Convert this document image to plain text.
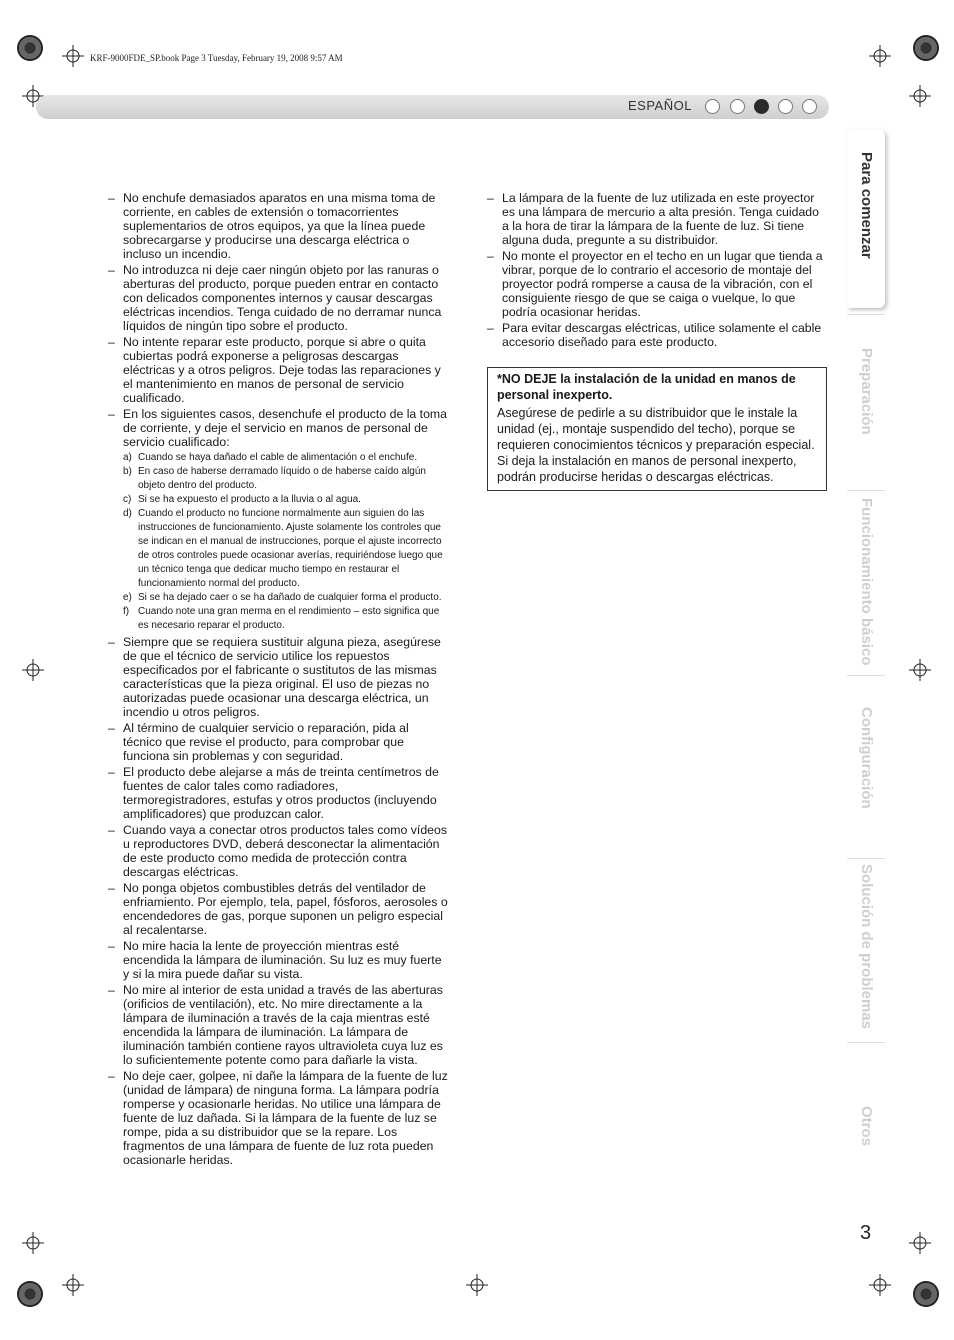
KRF-9000FDE_SP.book Page 3 Tuesday, February 19, 2008 9:57 AM
ESPAÑOL
– No enchufe demasiados aparatos en una misma toma de corriente, en cables de extensión o tomacorrientes suplementarios de otros equipos, ya que la línea puede sobrecargarse y producirse una descarga eléctrica o incluso un incendio.
– No introduzca ni deje caer ningún objeto por las ranuras o aberturas del producto, porque pueden entrar en contacto con delicados componentes internos y causar descargas eléctricas incendios. Tenga cuidado de no derramar nunca líquidos de ningún tipo sobre el producto.
– No intente reparar este producto, porque si abre o quita cubiertas podrá exponerse a peligrosas descargas eléctricas y a otros peligros. Deje todas las reparaciones y el mantenimiento en manos de personal de servicio cualificado.
– En los siguientes casos, desenchufe el producto de la toma de corriente, y deje el servicio en manos de personal de servicio cualificado:
a) Cuando se haya dañado el cable de alimentación o el enchufe.
b) En caso de haberse derramado líquido o de haberse caído algún objeto dentro del producto.
c) Si se ha expuesto el producto a la lluvia o al agua.
d) Cuando el producto no funcione normalmente aun siguien do las instrucciones de funcionamiento. Ajuste solamente los controles que se indican en el manual de instrucciones, porque el ajuste incorrecto de otros controles puede ocasionar averías, requiriéndose luego que un técnico tenga que dedicar mucho tiempo en restaurar el funcionamiento normal del producto.
e) Si se ha dejado caer o se ha dañado de cualquier forma el producto.
f) Cuando note una gran merma en el rendimiento – esto significa que es necesario reparar el producto.
– Siempre que se requiera sustituir alguna pieza, asegúrese de que el técnico de servicio utilice los repuestos especificados por el fabricante o sustitutos de las mismas características que la pieza original. El uso de piezas no autorizadas puede ocasionar una descarga eléctrica, un incendio u otros peligros.
– Al término de cualquier servicio o reparación, pida al técnico que revise el producto, para comprobar que funciona sin problemas y con seguridad.
– El producto debe alejarse a más de treinta centímetros de fuentes de calor tales como radiadores, termoregistradores, estufas y otros productos (incluyendo amplificadores) que produzcan calor.
– Cuando vaya a conectar otros productos tales como vídeos u reproductores DVD, deberá desconectar la alimentación de este producto como medida de protección contra descargas eléctricas.
– No ponga objetos combustibles detrás del ventilador de enfriamiento. Por ejemplo, tela, papel, fósforos, aerosoles o encendedores de gas, porque suponen un peligro especial al recalentarse.
– No mire hacia la lente de proyección mientras esté encendida la lámpara de iluminación. Su luz es muy fuerte y si la mira puede dañar su vista.
– No mire al interior de esta unidad a través de las aberturas (orificios de ventilación), etc. No mire directamente a la lámpara de iluminación a través de la caja mientras esté encendida la lámpara de iluminación. La lámpara de iluminación también contiene rayos ultravioleta cuya luz es lo suficientemente potente como para dañarle la vista.
– No deje caer, golpee, ni dañe la lámpara de la fuente de luz (unidad de lámpara) de ninguna forma. La lámpara podría romperse y ocasionarle heridas. No utilice una lámpara de fuente de luz dañada. Si la lámpara de la fuente de luz se rompe, pida a su distribuidor que se la repare. Los fragmentos de una lámpara de fuente de luz rota pueden ocasionarle heridas.
– La lámpara de la fuente de luz utilizada en este proyector es una lámpara de mercurio a alta presión. Tenga cuidado a la hora de tirar la lámpara de la fuente de luz. Si tiene alguna duda, pregunte a su distribuidor.
– No monte el proyector en el techo en un lugar que tienda a vibrar, porque de lo contrario el accesorio de montaje del proyector podrá romperse a causa de la vibración, con el consiguiente riesgo de que se caiga o vuelque, lo que podría ocasionar heridas.
– Para evitar descargas eléctricas, utilice solamente el cable accesorio diseñado para este producto.
*NO DEJE la instalación de la unidad en manos de personal inexperto.
Asegúrese de pedirle a su distribuidor que le instale la unidad (ej., montaje suspendido del techo), porque se requieren conocimientos técnicos y preparación especial. Si deja la instalación en manos de personal inexperto, podrán producirse heridas o descargas eléctricas.
Para comenzar
Preparación
Funcionamiento básico
Configuración
Solución de problemas
Otros
3
